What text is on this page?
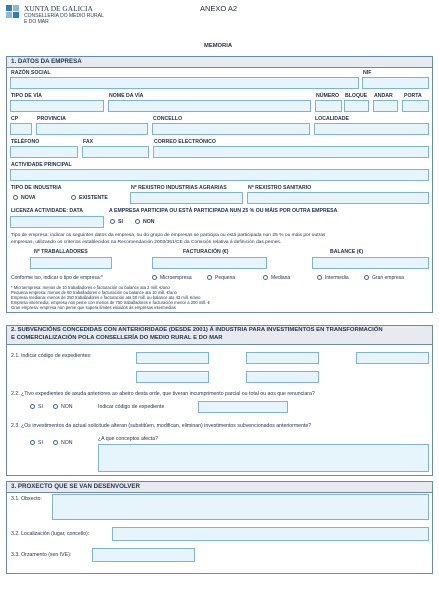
XUNTA DE GALICIA
CONSELLERÍA DO MEDIO RURAL
E DO MAR
ANEXO A2
MEMORIA
1. DATOS DA EMPRESA
RAZÓN SOCIAL	NIF
TIPO DE VÍA	NOME DA VÍA	NÚMERO BLOQUE ANDAR PORTA
CP	PROVINCIA	CONCELLO	LOCALIDADE
TELÉFONO	FAX	CORREO ELECTRÓNICO
ACTIVIDADE PRINCIPAL
TIPO DE INDUSTRIA
NOVA	EXISTENTE
Nº REXISTRO INDUSTRIAS AGRARIAS	Nº REXISTRO SANITARIO
LICENZA ACTIVIDADE: DATA	A EMPRESA PARTICIPA OU ESTÁ PARTICIPADA NUN 25 % OU MÁIS POR OUTRA EMPRESA
SI	NON
Tipo de empresa: indicar os seguintes datos da empresa, ou do grupo de empresas se participa ou está participada nun 25 % ou máis por outras
empresas, utilizando os criterios establecidos na Recomendación 2003/361/CE da Comisión relativa á definición das pemes.
Nº TRABALLADORES	FACTURACIÓN (€)	BALANCE (€)
Conforme iso, indicar o tipo de empresa:*	Microempresa	Pequena	Mediana	Intermedia	Gran empresa
* Microempresa: menos de 10 traballadores e facturación ou balance ata 2 mill. €/ano
Pequena empresa: menos de 50 traballadores e facturación ou balance ata 10 mill. €/ano
Empresa mediana: menos de 250 traballadores e facturación ata 50 mill. ou balance ata 43 mill. €/ano
Empresa intermedia: empresa non peme con menos de 750 traballadores e facturación menor a 200 mill. €
Gran empresa: empresa non peme que supera límites esixidos ás empresas intermedias
2. SUBVENCIÓNS CONCEDIDAS CON ANTERIORIDADE (DESDE 2001) Á INDUSTRIA PARA INVESTIMENTOS EN TRANSFORMACIÓN
E COMERCIALIZACIÓN POLA CONSELLERÍA DO MEDIO RURAL E DO MAR
2.1. Indicar código de expedientes:
2.2. ¿Tivo expedientes de axuda anteriores ao abeiro desta orde, que tiveran incumprimento parcial ou total ou aos que renunciara?
SI	NON	Indicar código de expediente
2.3. ¿Os investimentos da actual solicitude alteran (substitúen, modifican, eliminan) investimentos subvencionados anteriormente?
SI	NON
¿A que conceptos afecta?
3. PROXECTO QUE SE VAN DESENVOLVER
3.1. Obxecto:
3.2. Localización (lugar, concello):
3.3. Orzamento (sen IVE):
